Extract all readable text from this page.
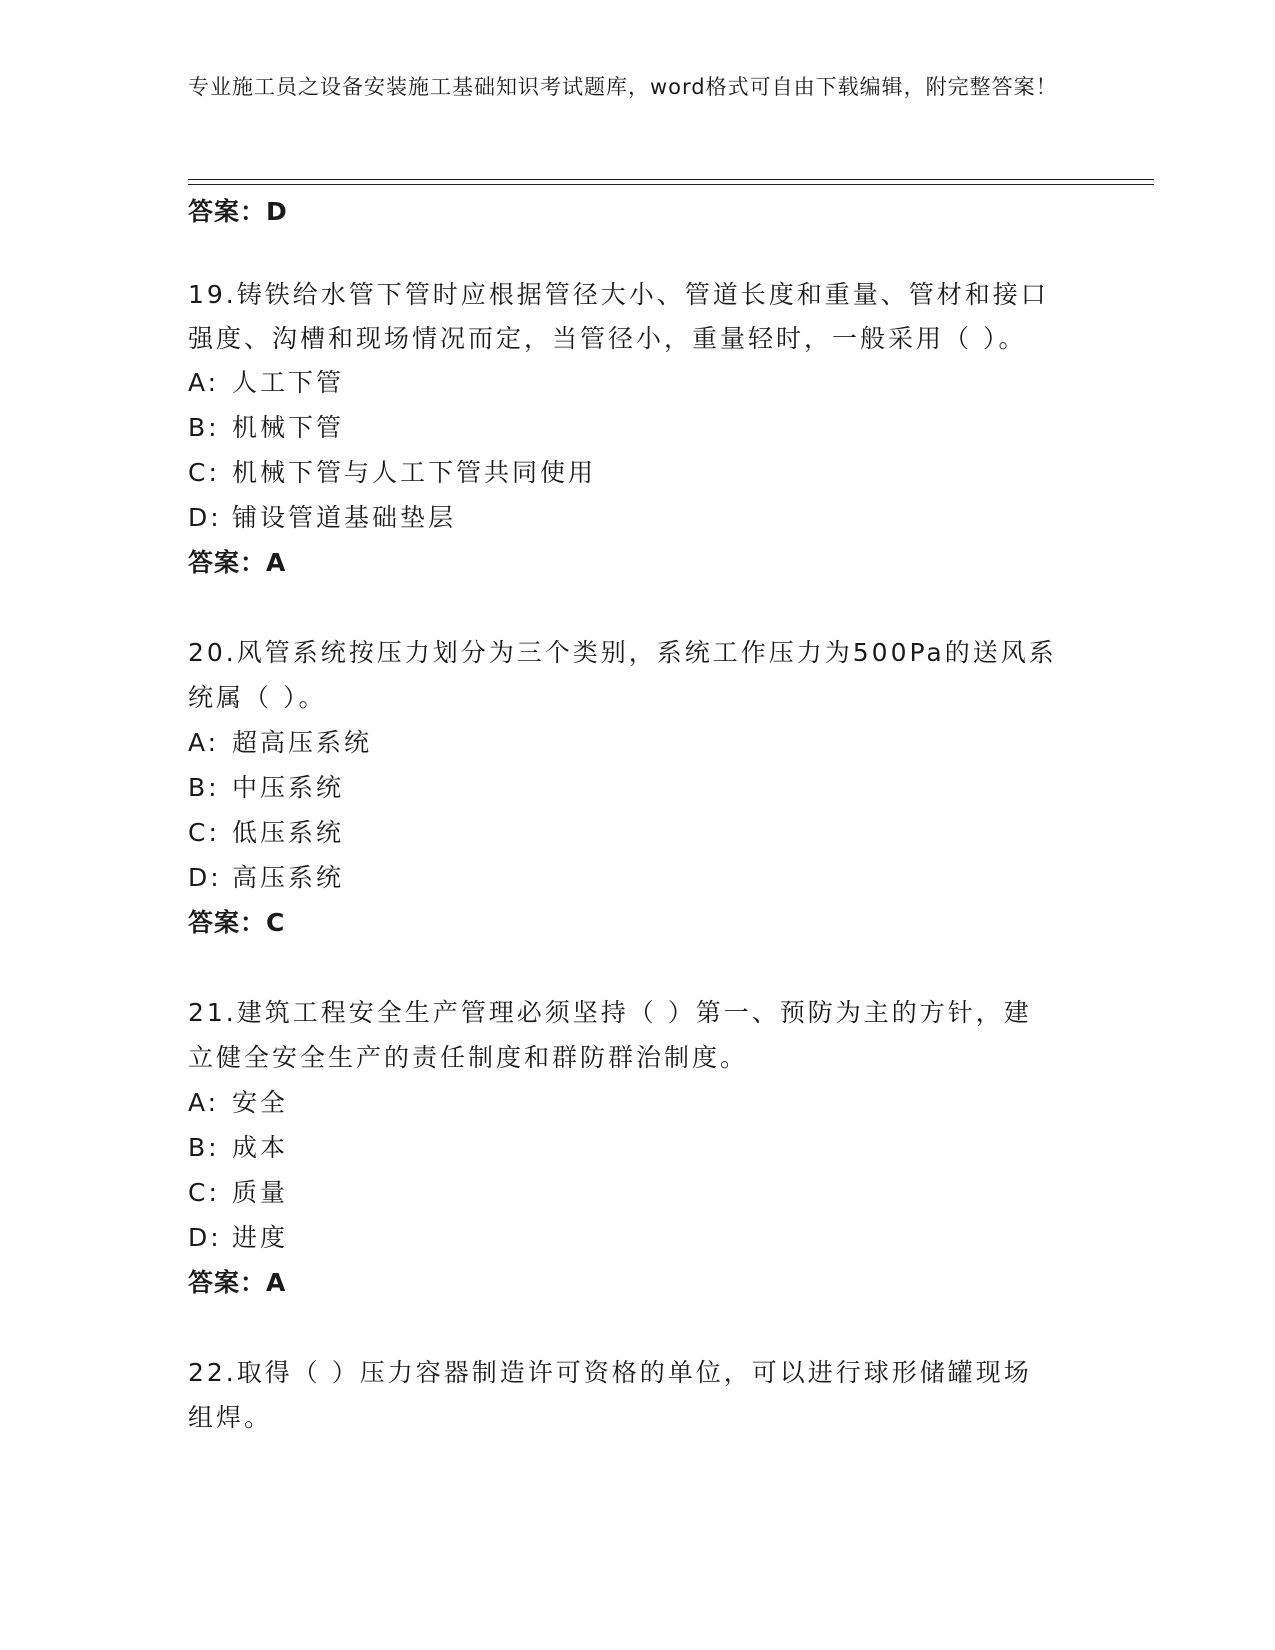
专业施工员之设备安装施工基础知识考试题库，word格式可自由下载编辑，附完整答案！
答案：D
19.铸铁给水管下管时应根据管径大小、管道长度和重量、管材和接口
强度、沟槽和现场情况而定，当管径小，重量轻时，一般采用（ ）。
A: 人工下管
B: 机械下管
C: 机械下管与人工下管共同使用
D: 铺设管道基础垫层
答案：A
20.风管系统按压力划分为三个类别，系统工作压力为500Pa的送风系
统属（ ）。
A: 超高压系统
B: 中压系统
C: 低压系统
D: 高压系统
答案：C
21.建筑工程安全生产管理必须坚持（ ）第一、预防为主的方针，建
立健全安全生产的责任制度和群防群治制度。
A: 安全
B: 成本
C: 质量
D: 进度
答案：A
22.取得（ ）压力容器制造许可资格的单位，可以进行球形储罐现场
组焊。
